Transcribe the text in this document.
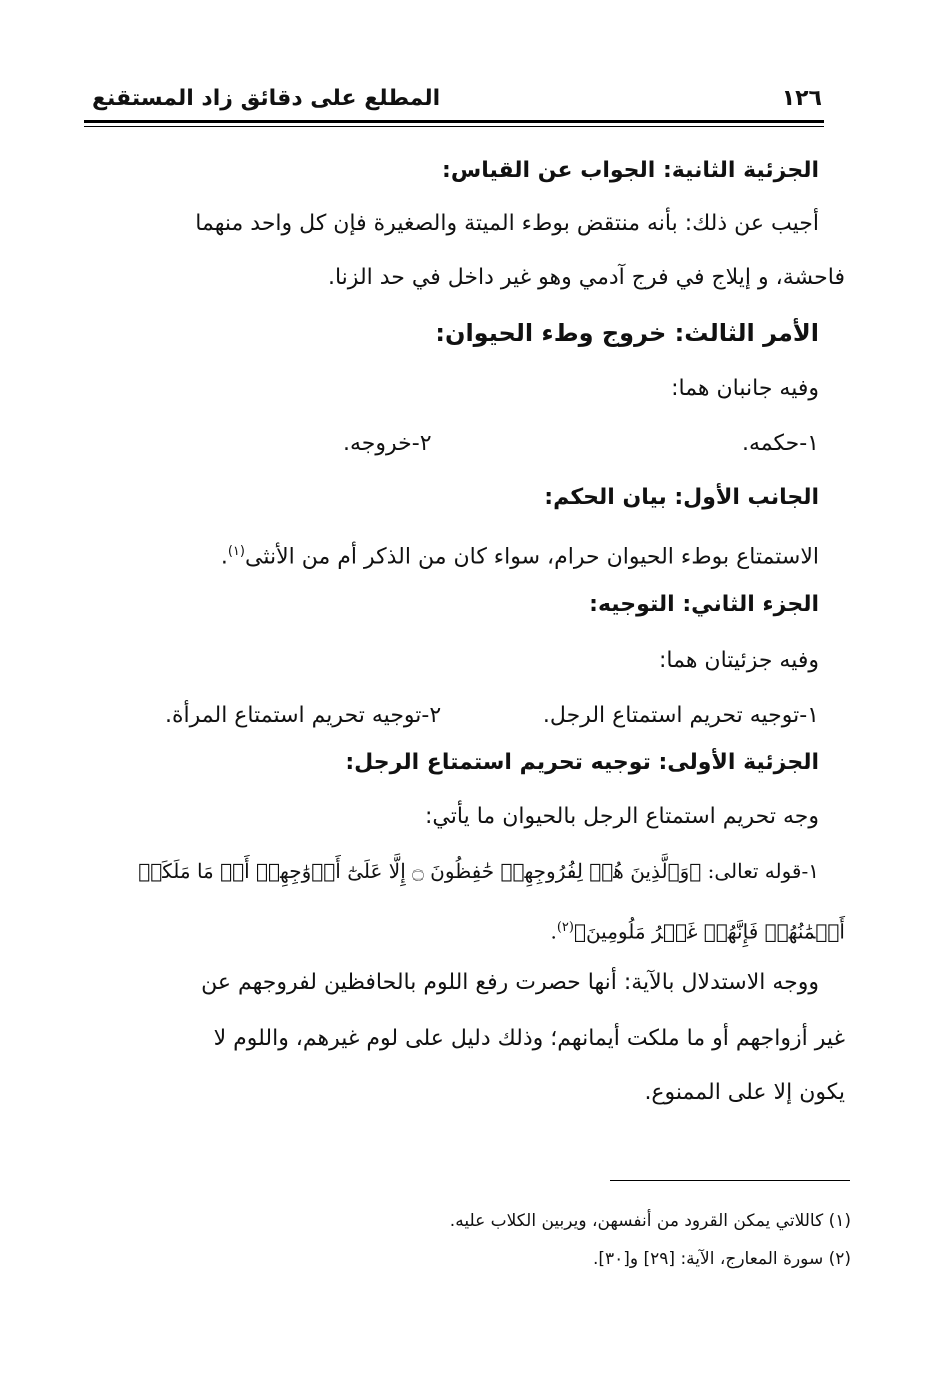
١٢٦
المطلع على دقائق زاد المستقنع
الجزئية الثانية: الجواب عن القياس:
أجيب عن ذلك: بأنه منتقض بوطء الميتة والصغيرة فإن كل واحد منهما
فاحشة، و إيلاج في فرج آدمي وهو غير داخل في حد الزنا.
الأمر الثالث: خروج وطء الحيوان:
وفيه جانبان هما:
١-حكمه.
٢-خروجه.
الجانب الأول: بيان الحكم:
الاستمتاع بوطء الحيوان حرام، سواء كان من الذكر أم من الأنثى$^{(١)}$.
الجزء الثاني: التوجيه:
وفيه جزئيتان هما:
١-توجيه تحريم استمتاع الرجل.
٢-توجيه تحريم استمتاع المرأة.
الجزئية الأولى: توجيه تحريم استمتاع الرجل:
وجه تحريم استمتاع الرجل بالحيوان ما يأتي:
١-قوله تعالى: ﴿وَٱلَّذِينَ هُمۡ لِفُرُوجِهِمۡ حَٰفِظُونَ ۝ إِلَّا عَلَىٰٓ أَزۡوَٰجِهِمۡ أَوۡ مَا مَلَكَتۡ
أَيۡمَٰنُهُمۡ فَإِنَّهُمۡ غَيۡرُ مَلُومِينَ﴾$^{(٢)}$.
ووجه الاستدلال بالآية: أنها حصرت رفع اللوم بالحافظين لفروجهم عن
غير أزواجهم أو ما ملكت أيمانهم؛ وذلك دليل على لوم غيرهم، واللوم لا
يكون إلا على الممنوع.
(١) كاللاتي يمكن القرود من أنفسهن، ويربين الكلاب عليه.
(٢) سورة المعارج، الآية: [٢٩] و[٣٠].
